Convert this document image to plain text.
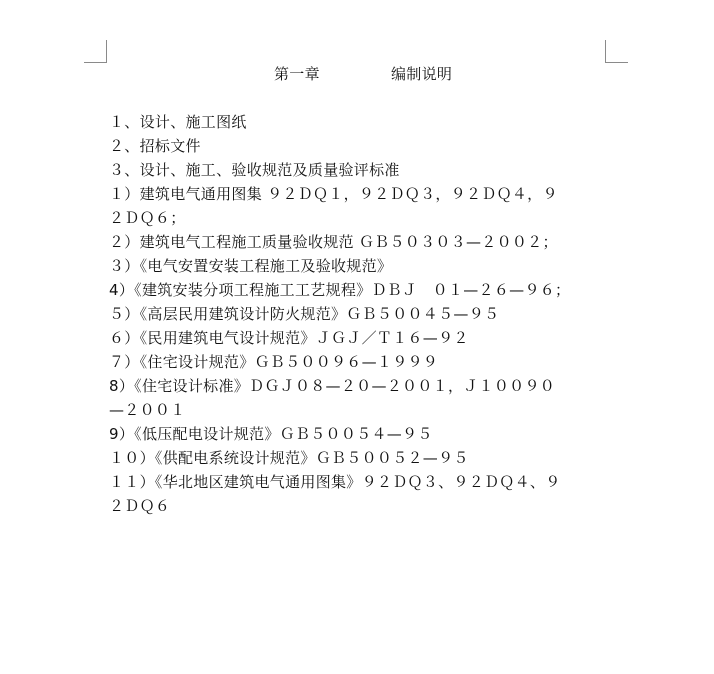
第一章

	编制说明

１、设计、施工图纸
２、招标文件
３、设计、施工、验收规范及质量验评标准
１）建筑电气通用图集 ９２ＤＱ１，９２ＤＱ３，９２ＤＱ４，９
２ＤＱ６；
２）建筑电气工程施工质量验收规范 ＧＢ５０３０３—２００２；
３）《电气安置安装工程施工及验收规范》
4）《建筑安装分项工程施工工艺规程》ＤＢＪ　０１—２６—９６；
５）《高层民用建筑设计防火规范》ＧＢ５００４５—９５
６）《民用建筑电气设计规范》ＪＧＪ／Ｔ１６—９２
７）《住宅设计规范》ＧＢ５００９６—１９９９
8）《住宅设计标准》ＤＧＪ０８—２０—２００１，Ｊ１００９０
—２００１
9）《低压配电设计规范》ＧＢ５００５４—９５
１０）《供配电系统设计规范》ＧＢ５００５２—９５
１１）《华北地区建筑电气通用图集》９２ＤＱ３、９２ＤＱ４、９
２ＤＱ６
